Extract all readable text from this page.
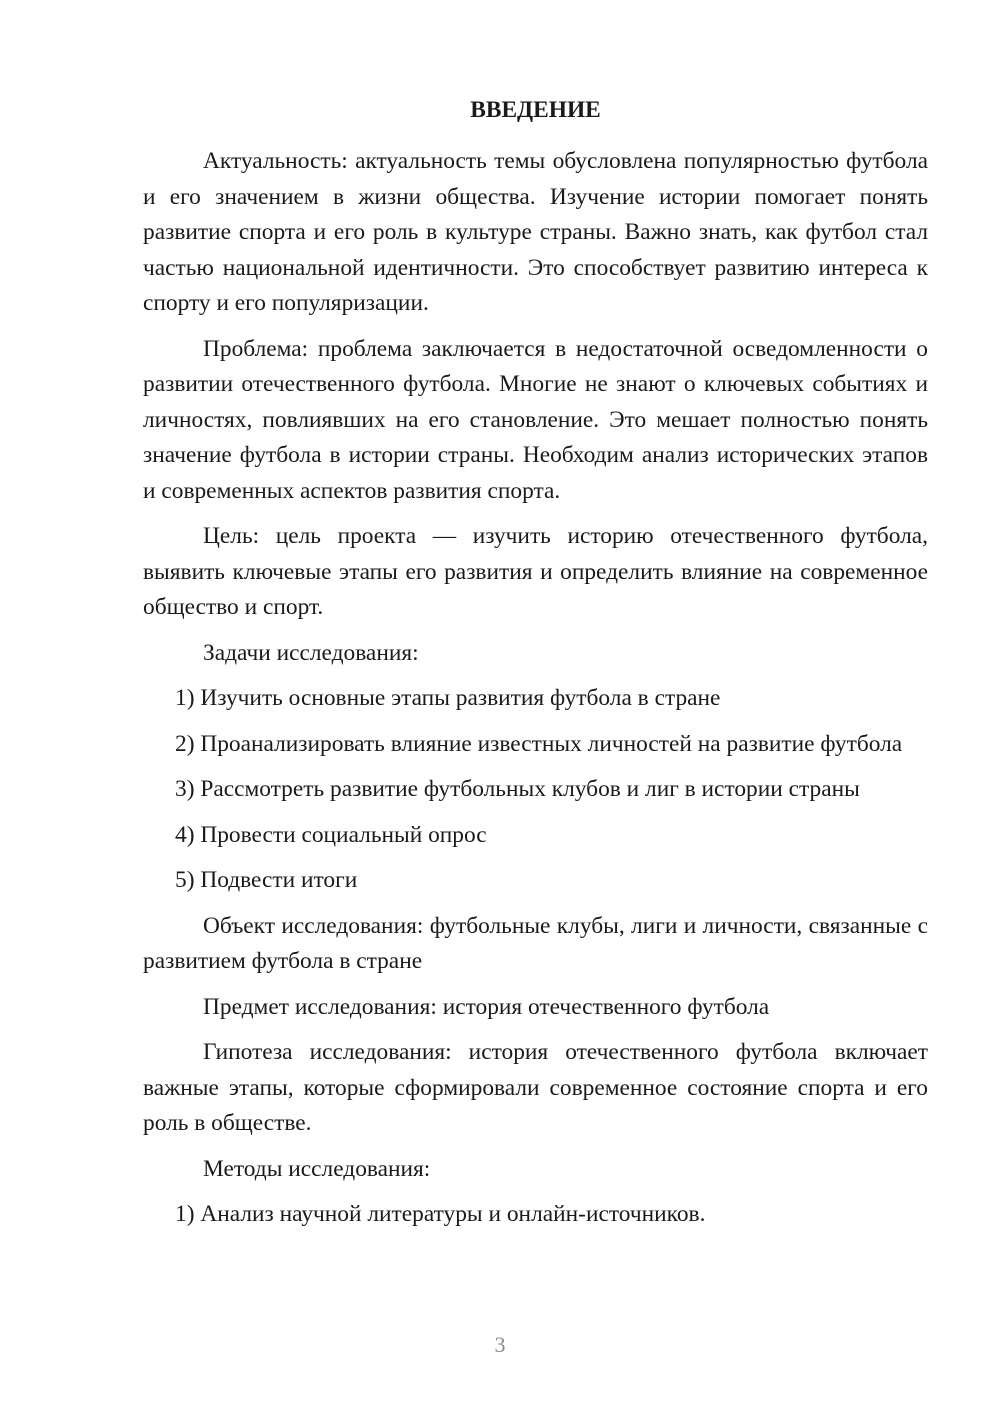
ВВЕДЕНИЕ

Актуальность: актуальность темы обусловлена популярностью футбола и его значением в жизни общества. Изучение истории помогает понять развитие спорта и его роль в культуре страны. Важно знать, как футбол стал частью национальной идентичности. Это способствует развитию интереса к спорту и его популяризации.

Проблема: проблема заключается в недостаточной осведомленности о развитии отечественного футбола. Многие не знают о ключевых событиях и личностях, повлиявших на его становление. Это мешает полностью понять значение футбола в истории страны. Необходим анализ исторических этапов и современных аспектов развития спорта.

Цель: цель проекта — изучить историю отечественного футбола, выявить ключевые этапы его развития и определить влияние на современное общество и спорт.

Задачи исследования:

1) Изучить основные этапы развития футбола в стране

2) Проанализировать влияние известных личностей на развитие футбола

3) Рассмотреть развитие футбольных клубов и лиг в истории страны

4) Провести социальный опрос

5) Подвести итоги

Объект исследования: футбольные клубы, лиги и личности, связанные с развитием футбола в стране

Предмет исследования: история отечественного футбола

Гипотеза исследования: история отечественного футбола включает важные этапы, которые сформировали современное состояние спорта и его роль в обществе.

Методы исследования:

1) Анализ научной литературы и онлайн-источников.

3
